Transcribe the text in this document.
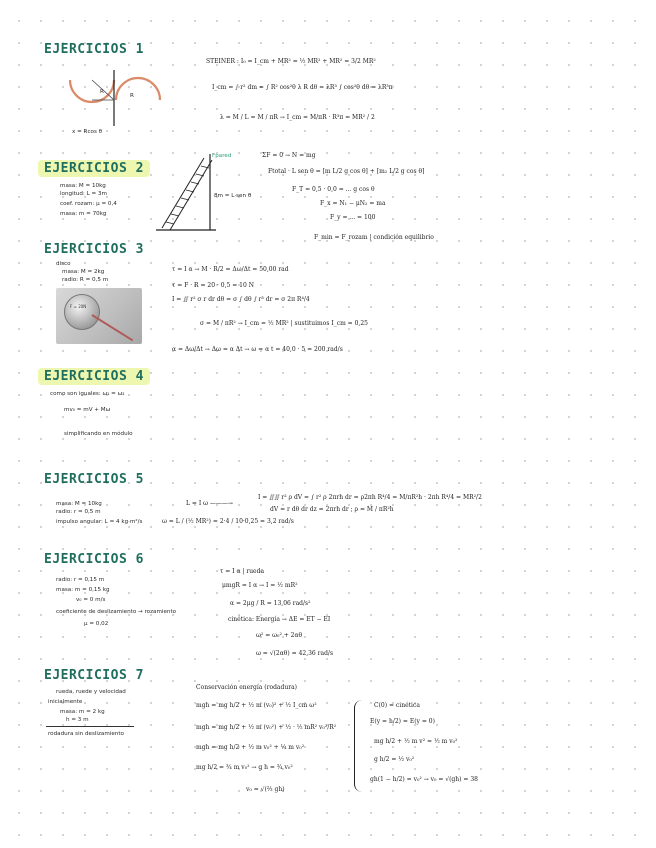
EJERCICIOS 1
R
R
x = Rcos θ
STEINER : I₀ = I_cm + MR² = ½ MR² + MR² = 3/2 MR²
I_cm = ∫ r² dm = ∫ R² cos²θ λ R dθ = λR³ ∫ cos²θ dθ = λR³π
λ = M / L = M / πR → I_cm = M/πR · R³π = MR² / 2
EJERCICIOS 2
masa: M = 10kg
longitud: L = 3m
coef. rozam: μ = 0,4
masa: m = 70kg
Fpared
8m = L·sen θ
ΣF = 0 → N = mg
Ftotal · L sen θ = [m L/2 g cos θ] + [m₂ L/2 g cos θ]
F_T = 0,5 · 0,0 = ... g cos θ
F_x = N₁ − μN₂ = ma
F_y = ... = 100
F_min = F_rozam | condición equilibrio
EJERCICIOS 3
disco
masa: M = 2kg
radio: R = 0,5 m
F = 20N
τ = I α → M · R/2 = Δω/Δt = 50,00 rad
τ = F · R = 20 · 0,5 = 10 N
I = ∬ r² σ r dr dθ = σ ∫ dθ ∫ r³ dr = σ 2π R⁴/4
σ = M / πR² → I_cm = ½ MR² | sustituimos I_cm = 0,25
α = Δω/Δt → Δω = α Δt → ω = α t = 40,0 · 5 = 200 rad/s
EJERCICIOS 4
como son iguales: ω₁ = ω₂
mv₀ = mV + Mω
simplificando en módulo
EJERCICIOS 5
masa: M = 10kg
radio: r = 0,5 m
impulso angular: L = 4 kg·m²/s
L = I ω ———→
ω = L / (½ MR²) = 2·4 / 10·0,25 = 3,2 rad/s
I = ∬∬ r² ρ dV = ∫ r² ρ 2πrh dr = ρ2πh R⁴/4 = M/πR²h · 2πh R⁴/4 = MR²/2
dV = r dθ dr dz = 2πrh dr ; ρ = M / πR²h
EJERCICIOS 6
radio: r = 0,15 m
masa: m = 0,15 kg
v₀ = 0 m/s
coeficiente de deslizamiento → rozamiento
μ = 0,02
τ = I α | rueda
μmgR = I α → I = ½ mR²
α = 2μg / R = 13,06 rad/s²
cinética: Energía → ΔE = ET − EI
ω² = ω₀² + 2αθ
ω = √(2αθ) = 42,36 rad/s
EJERCICIOS 7
rueda, ruede y velocidad
inicialmente
masa: m = 2 kg
h = 3 m
rodadura sin deslizamiento
Conservación energía (rodadura)
mgh = mg h/2 + ½ m (v₀)² + ½ I_cm ω²
mgh = mg h/2 + ½ m (v₀²) + ½ · ½ mR² v₀²/R²
mgh = mg h/2 + ½ m v₀² + ¼ m v₀²
mg h/2 = ¾ m v₀² → g h = ¾ v₀²
v₀ = √(⅔ gh)
C(0) = cinética
E(y = h/2) = E(y = 0)
mg h/2 + ½ m v² = ½ m v₀²
g h/2 = ½ v₀²
gh(1 − h/2) = v₀² → v₀ = √(gh) = 38
